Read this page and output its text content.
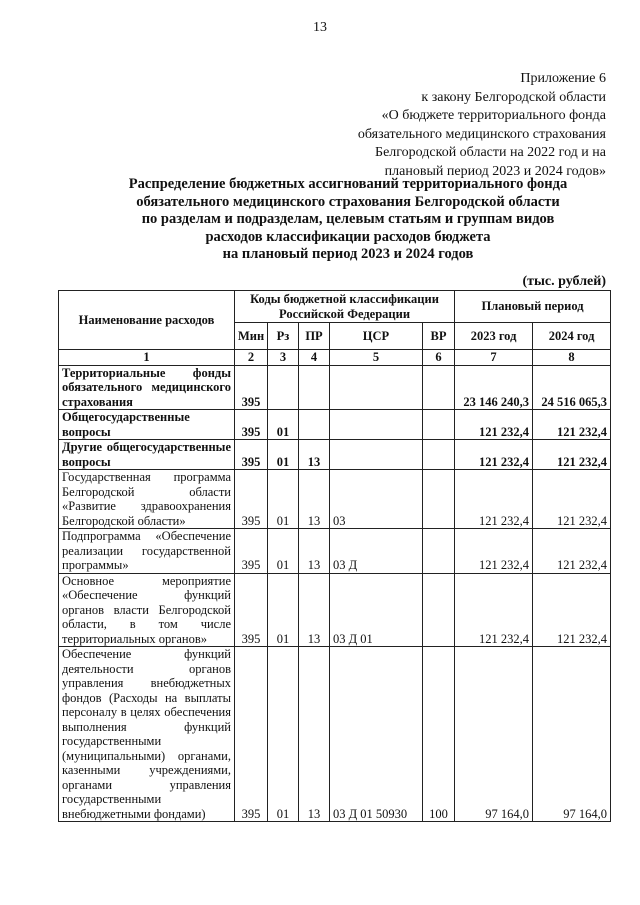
13
Приложение 6
к закону Белгородской области
«О бюджете территориального фонда
обязательного медицинского страхования
Белгородской области на 2022 год и на
плановый период 2023 и 2024 годов»
Распределение бюджетных ассигнований территориального фонда
обязательного медицинского страхования Белгородской области
по разделам и подразделам, целевым статьям и группам видов
расходов классификации расходов бюджета
на плановый период 2023 и 2024 годов
(тыс. рублей)
Наименование расходов	Коды бюджетной классификации Российской Федерации					Плановый период	
	Мин	Рз	ПР	ЦСР	ВР	2023 год	2024 год
1	2	3	4	5	6	7	8
Территориальные фонды обязательного медицинского страхования	395					23 146 240,3	24 516 065,3
Общегосударственные вопросы	395	01				121 232,4	121 232,4
Другие общегосударственные вопросы	395	01	13			121 232,4	121 232,4
Государственная программа Белгородской области «Развитие здравоохранения Белгородской области»	395	01	13	03		121 232,4	121 232,4
Подпрограмма «Обеспечение реализации государственной программы»	395	01	13	03 Д		121 232,4	121 232,4
Основное мероприятие «Обеспечение функций органов власти Белгородской области, в том числе территориальных органов»	395	01	13	03 Д 01		121 232,4	121 232,4
Обеспечение функций деятельности органов управления внебюджетных фондов (Расходы на выплаты персоналу в целях обеспечения выполнения функций государственными (муниципальными) органами, казенными учреждениями, органами управления государственными внебюджетными фондами)	395	01	13	03 Д 01 50930	100	97 164,0	97 164,0
